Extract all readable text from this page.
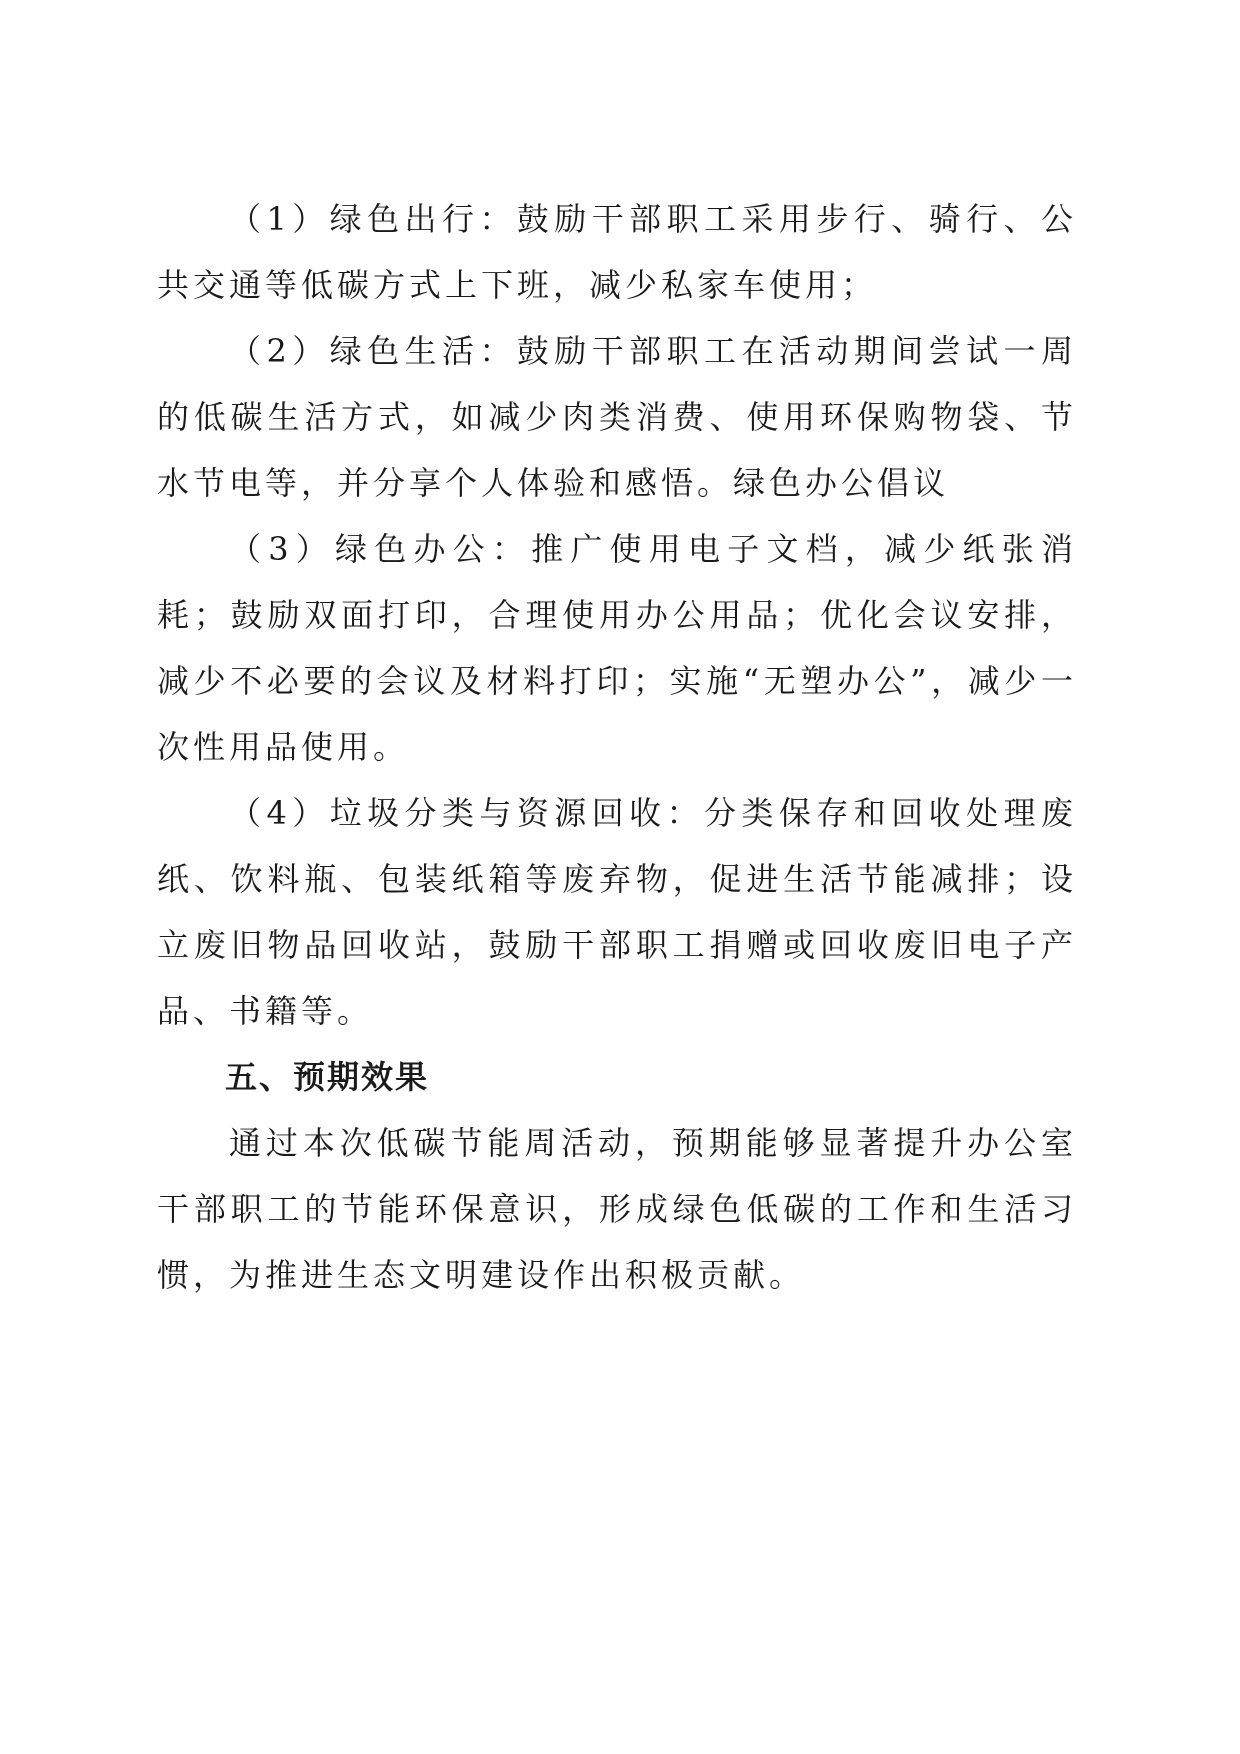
（1）绿色出行：鼓励干部职工采用步行、骑行、公共交通等低碳方式上下班，减少私家车使用；

（2）绿色生活：鼓励干部职工在活动期间尝试一周的低碳生活方式，如减少肉类消费、使用环保购物袋、节水节电等，并分享个人体验和感悟。绿色办公倡议

（3）绿色办公：推广使用电子文档，减少纸张消耗；鼓励双面打印，合理使用办公用品；优化会议安排，减少不必要的会议及材料打印；实施“无塑办公”，减少一次性用品使用。

（4）垃圾分类与资源回收：分类保存和回收处理废纸、饮料瓶、包装纸箱等废弃物，促进生活节能减排；设立废旧物品回收站，鼓励干部职工捐赠或回收废旧电子产品、书籍等。

五、预期效果

通过本次低碳节能周活动，预期能够显著提升办公室干部职工的节能环保意识，形成绿色低碳的工作和生活习惯，为推进生态文明建设作出积极贡献。
